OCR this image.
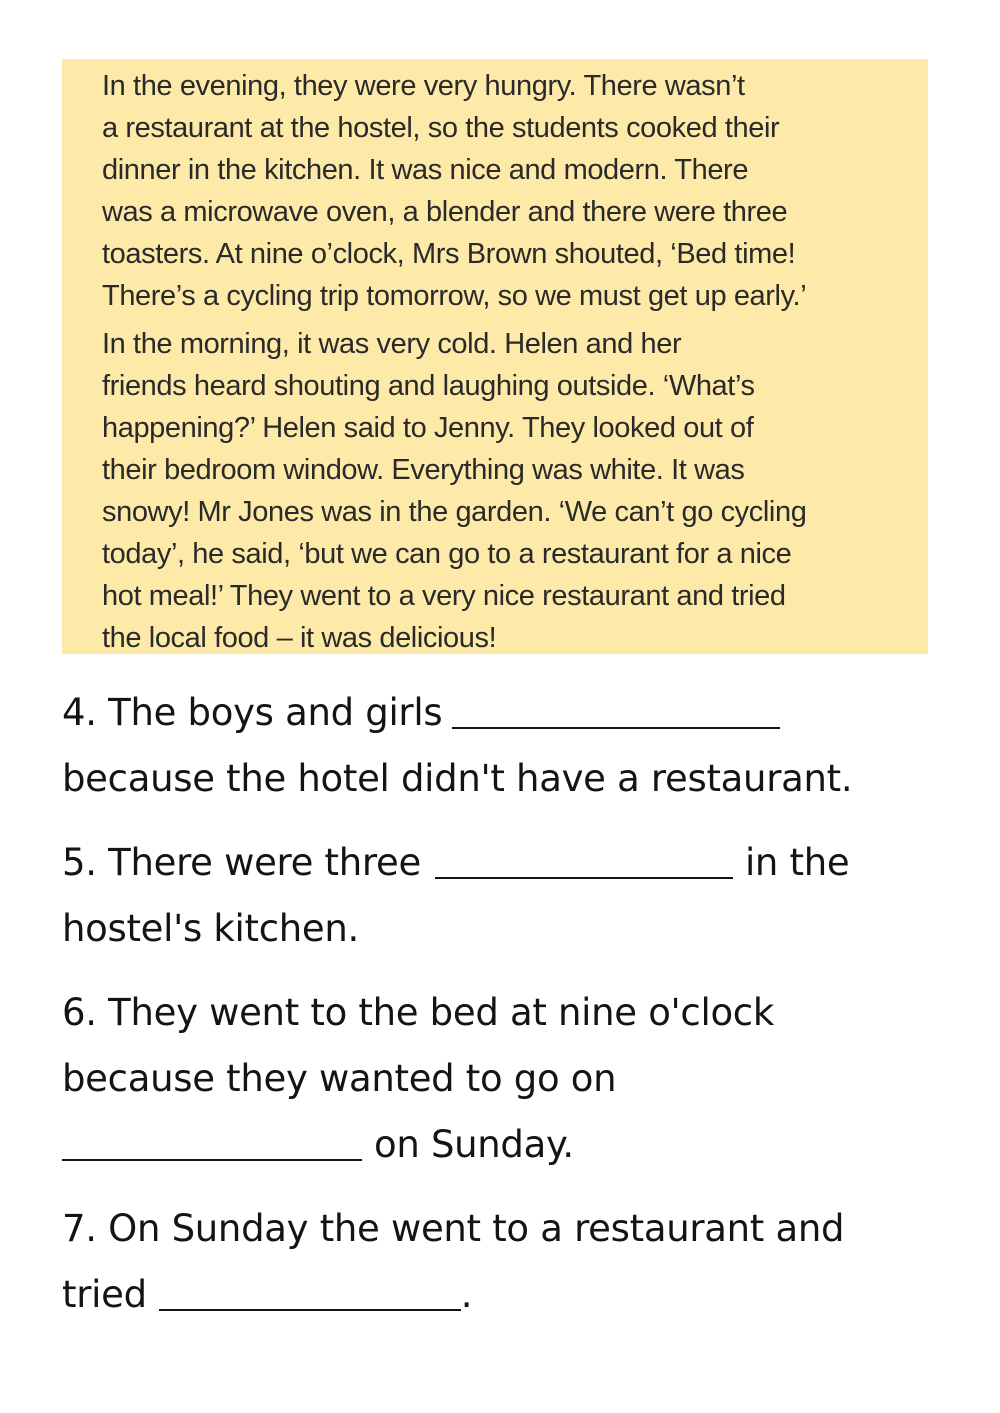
In the evening, they were very hungry. There wasn’t
a restaurant at the hostel, so the students cooked their
dinner in the kitchen. It was nice and modern. There
was a microwave oven, a blender and there were three
toasters. At nine o’clock, Mrs Brown shouted, ‘Bed time!
There’s a cycling trip tomorrow, so we must get up early.’

In the morning, it was very cold. Helen and her
friends heard shouting and laughing outside. ‘What’s
happening?’ Helen said to Jenny. They looked out of
their bedroom window. Everything was white. It was
snowy! Mr Jones was in the garden. ‘We can’t go cycling
today’, he said, ‘but we can go to a restaurant for a nice
hot meal!’ They went to a very nice restaurant and tried
the local food – it was delicious!

4. The boys and girls
because the hotel didn't have a restaurant.
5. There were three	in the
hostel's kitchen.
6. They went to the bed at nine o'clock
because they wanted to go on
on Sunday.
7. On Sunday the went to a restaurant and
tried	.
